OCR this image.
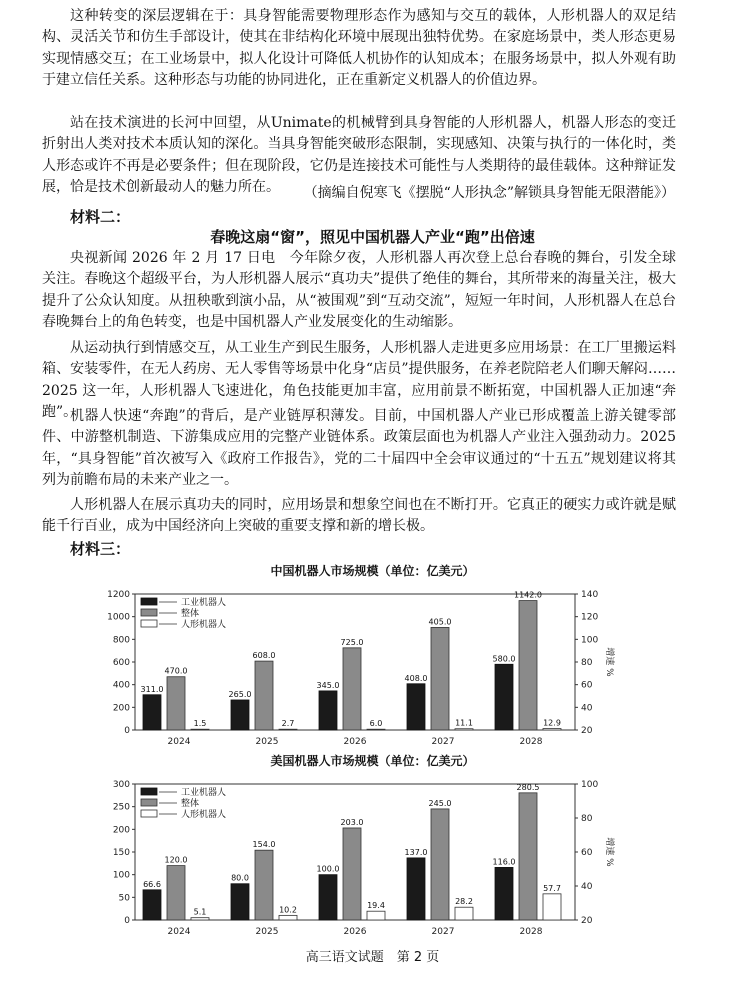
这种转变的深层逻辑在于：具身智能需要物理形态作为感知与交互的载体，人形机器人的双足结构、灵活关节和仿生手部设计，使其在非结构化环境中展现出独特优势。在家庭场景中，类人形态更易实现情感交互；在工业场景中，拟人化设计可降低人机协作的认知成本；在服务场景中，拟人外观有助于建立信任关系。这种形态与功能的协同进化，正在重新定义机器人的价值边界。

站在技术演进的长河中回望，从Unimate的机械臂到具身智能的人形机器人，机器人形态的变迁折射出人类对技术本质认知的深化。当具身智能突破形态限制，实现感知、决策与执行的一体化时，类人形态或许不再是必要条件；但在现阶段，它仍是连接技术可能性与人类期待的最佳载体。这种辩证发展，恰是技术创新最动人的魅力所在。	（摘编自倪寒飞《摆脱“人形执念”解锁具身智能无限潜能》）
材料二：
春晚这扇“窗”，照见中国机器人产业“跑”出倍速

央视新闻 2026 年 2 月 17 日电　今年除夕夜，人形机器人再次登上总台春晚的舞台，引发全球关注。春晚这个超级平台，为人形机器人展示“真功夫”提供了绝佳的舞台，其所带来的海量关注，极大提升了公众认知度。从扭秧歌到演小品，从“被围观”到“互动交流”，短短一年时间，人形机器人在总台春晚舞台上的角色转变，也是中国机器人产业发展变化的生动缩影。

从运动执行到情感交互，从工业生产到民生服务，人形机器人走进更多应用场景：在工厂里搬运料箱、安装零件，在无人药房、无人零售等场景中化身“店员”提供服务，在养老院陪老人们聊天解闷……2025 这一年，人形机器人飞速进化，角色技能更加丰富，应用前景不断拓宽，中国机器人正加速“奔跑”。

机器人快速“奔跑”的背后，是产业链厚积薄发。目前，中国机器人产业已形成覆盖上游关键零部件、中游整机制造、下游集成应用的完整产业链体系。政策层面也为机器人产业注入强劲动力。2025 年，“具身智能”首次被写入《政府工作报告》，党的二十届四中全会审议通过的“十五五”规划建议将其列为前瞻布局的未来产业之一。

人形机器人在展示真功夫的同时，应用场景和想象空间也在不断打开。它真正的硬实力或许就是赋能千行百业，成为中国经济向上突破的重要支撑和新的增长极。

材料三：
中国机器人市场规模（单位：亿美元）
0
200
400
600
800
1000
1200
20
40
60
80
100
120
140
增速 %
2024
311.0
470.0
1.5
2025
265.0
608.0
2.7
2026
345.0
725.0
6.0
2027
408.0
405.0
11.1
2028
580.0
1142.0
12.9
工业机器人
整体
人形机器人
美国机器人市场规模（单位：亿美元）
0
50
100
150
200
250
300
20
40
60
80
100
增速 %
2024
66.6
120.0
5.1
2025
80.0
154.0
10.2
2026
100.0
203.0
19.4
2027
137.0
245.0
28.2
2028
116.0
280.5
57.7
工业机器人
整体
人形机器人
高三语文试题　第 2 页
